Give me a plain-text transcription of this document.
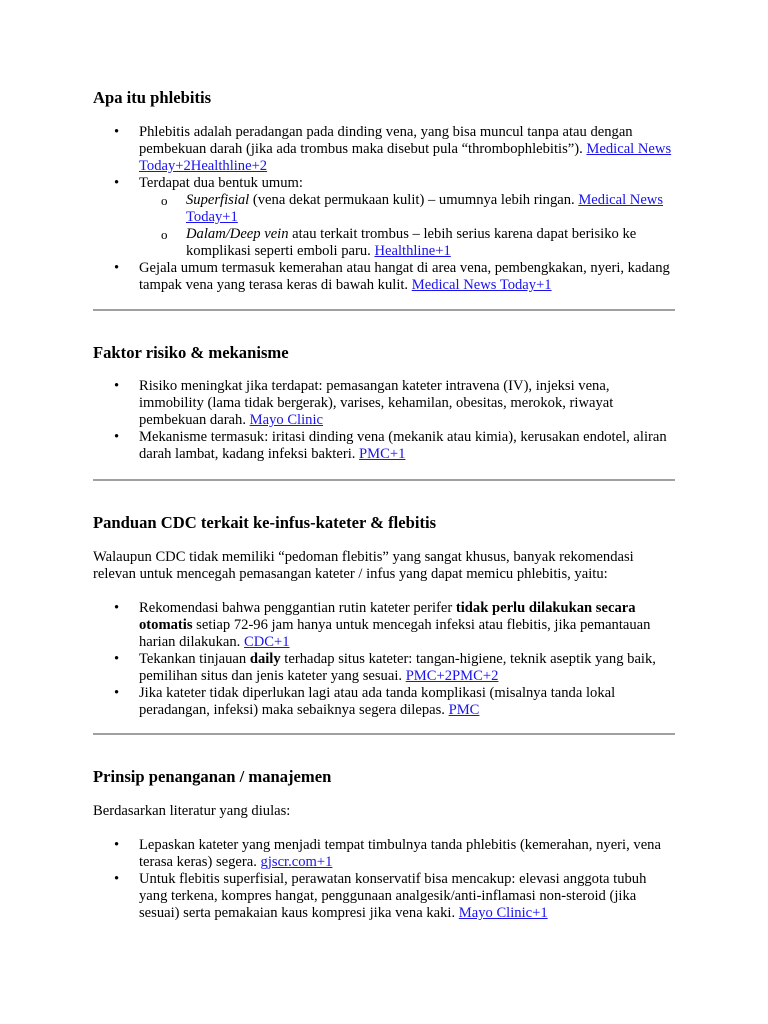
Apa itu phlebitis
• Phlebitis adalah peradangan pada dinding vena, yang bisa muncul tanpa atau dengan pembekuan darah (jika ada trombus maka disebut pula “thrombophlebitis”). Medical News Today+2Healthline+2
• Terdapat dua bentuk umum:
o Superfisial (vena dekat permukaan kulit) – umumnya lebih ringan. Medical News Today+1
o Dalam/Deep vein atau terkait trombus – lebih serius karena dapat berisiko ke komplikasi seperti emboli paru. Healthline+1
• Gejala umum termasuk kemerahan atau hangat di area vena, pembengkakan, nyeri, kadang tampak vena yang terasa keras di bawah kulit. Medical News Today+1
Faktor risiko & mekanisme
• Risiko meningkat jika terdapat: pemasangan kateter intravena (IV), injeksi vena, immobility (lama tidak bergerak), varises, kehamilan, obesitas, merokok, riwayat pembekuan darah. Mayo Clinic
• Mekanisme termasuk: iritasi dinding vena (mekanik atau kimia), kerusakan endotel, aliran darah lambat, kadang infeksi bakteri. PMC+1
Panduan CDC terkait ke-infus-kateter & flebitis

Walaupun CDC tidak memiliki “pedoman flebitis” yang sangat khusus, banyak rekomendasi relevan untuk mencegah pemasangan kateter / infus yang dapat memicu phlebitis, yaitu:

• Rekomendasi bahwa penggantian rutin kateter perifer tidak perlu dilakukan secara otomatis setiap 72-96 jam hanya untuk mencegah infeksi atau flebitis, jika pemantauan harian dilakukan. CDC+1
• Tekankan tinjauan daily terhadap situs kateter: tangan-higiene, teknik aseptik yang baik, pemilihan situs dan jenis kateter yang sesuai. PMC+2PMC+2
• Jika kateter tidak diperlukan lagi atau ada tanda komplikasi (misalnya tanda lokal peradangan, infeksi) maka sebaiknya segera dilepas. PMC
Prinsip penanganan / manajemen

Berdasarkan literatur yang diulas:

• Lepaskan kateter yang menjadi tempat timbulnya tanda phlebitis (kemerahan, nyeri, vena terasa keras) segera. gjscr.com+1
• Untuk flebitis superfisial, perawatan konservatif bisa mencakup: elevasi anggota tubuh yang terkena, kompres hangat, penggunaan analgesik/anti-inflamasi non-steroid (jika sesuai) serta pemakaian kaus kompresi jika vena kaki. Mayo Clinic+1
